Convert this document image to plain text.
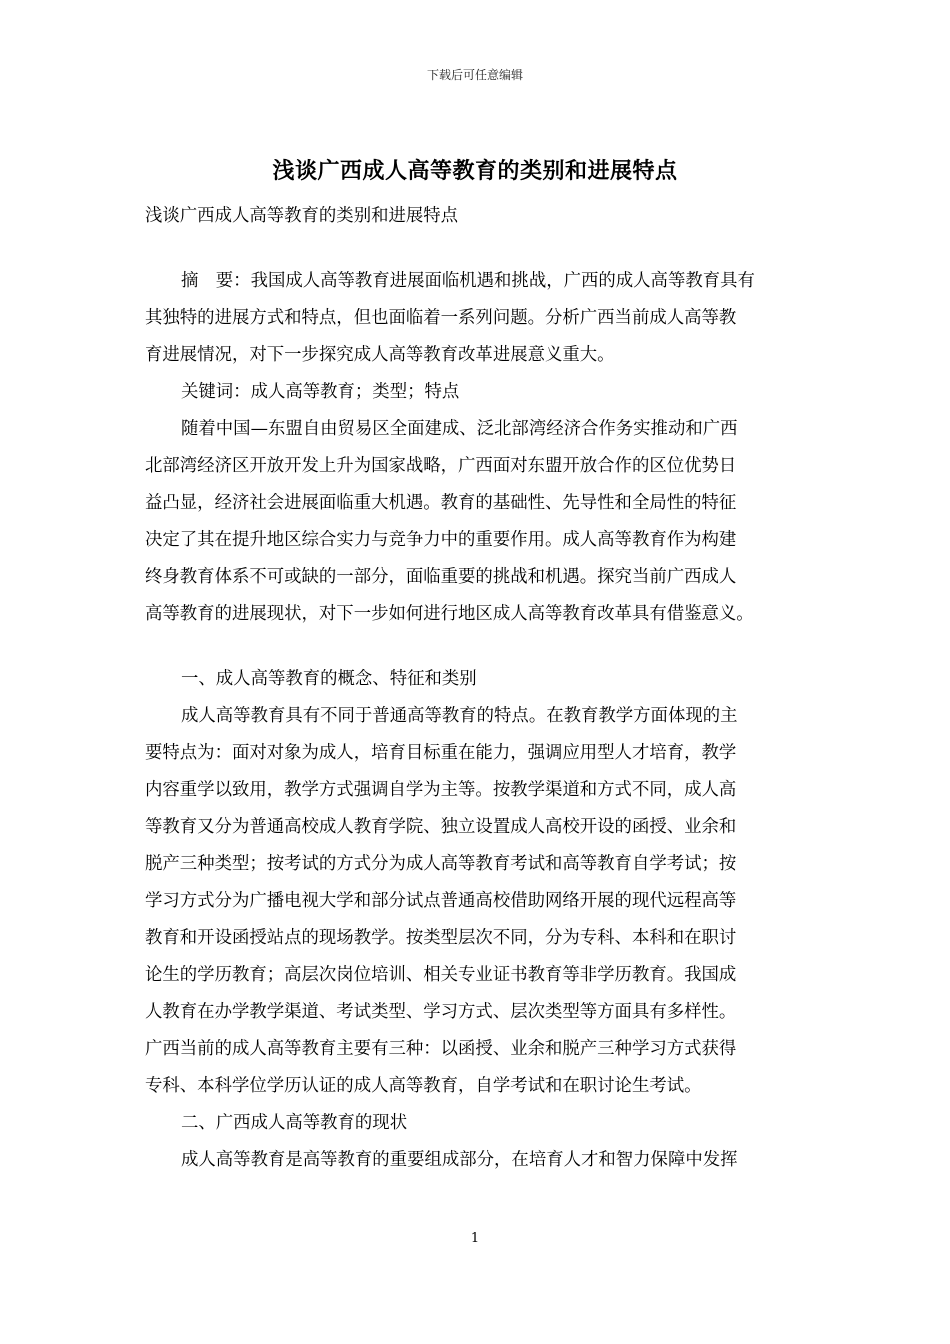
下载后可任意编辑
浅谈广西成人高等教育的类别和进展特点
浅谈广西成人高等教育的类别和进展特点
摘　要：我国成人高等教育进展面临机遇和挑战，广西的成人高等教育具有
其独特的进展方式和特点，但也面临着一系列问题。分析广西当前成人高等教
育进展情况，对下一步探究成人高等教育改革进展意义重大。
关键词：成人高等教育；类型；特点
随着中国—东盟自由贸易区全面建成、泛北部湾经济合作务实推动和广西
北部湾经济区开放开发上升为国家战略，广西面对东盟开放合作的区位优势日
益凸显，经济社会进展面临重大机遇。教育的基础性、先导性和全局性的特征
决定了其在提升地区综合实力与竞争力中的重要作用。成人高等教育作为构建
终身教育体系不可或缺的一部分，面临重要的挑战和机遇。探究当前广西成人
高等教育的进展现状，对下一步如何进行地区成人高等教育改革具有借鉴意义。
一、成人高等教育的概念、特征和类别
成人高等教育具有不同于普通高等教育的特点。在教育教学方面体现的主
要特点为：面对对象为成人，培育目标重在能力，强调应用型人才培育，教学
内容重学以致用，教学方式强调自学为主等。按教学渠道和方式不同，成人高
等教育又分为普通高校成人教育学院、独立设置成人高校开设的函授、业余和
脱产三种类型；按考试的方式分为成人高等教育考试和高等教育自学考试；按
学习方式分为广播电视大学和部分试点普通高校借助网络开展的现代远程高等
教育和开设函授站点的现场教学。按类型层次不同，分为专科、本科和在职讨
论生的学历教育；高层次岗位培训、相关专业证书教育等非学历教育。我国成
人教育在办学教学渠道、考试类型、学习方式、层次类型等方面具有多样性。
广西当前的成人高等教育主要有三种：以函授、业余和脱产三种学习方式获得
专科、本科学位学历认证的成人高等教育，自学考试和在职讨论生考试。
二、广西成人高等教育的现状
成人高等教育是高等教育的重要组成部分，在培育人才和智力保障中发挥
1
